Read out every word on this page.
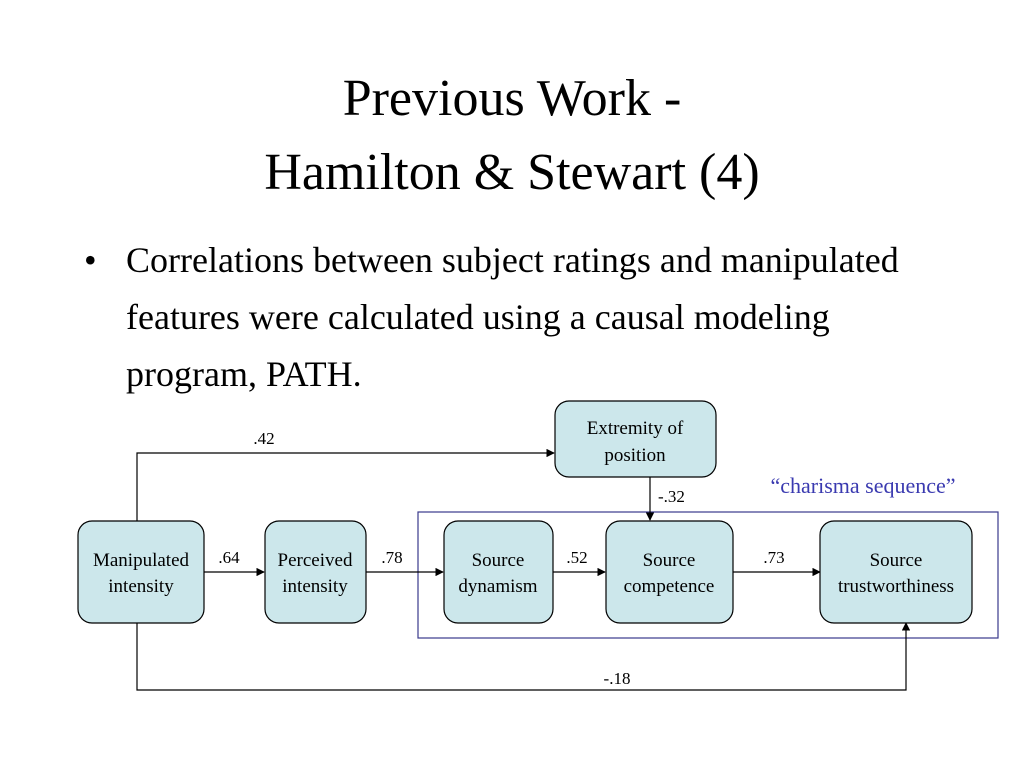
Previous Work -
Hamilton & Stewart (4)
• Correlations between subject ratings and manipulated features were calculated using a causal modeling program, PATH.
“charisma sequence”
.42
.64	.78	.52	.73
-.32
-.18
Manipulated
intensity
Perceived
intensity
Source
dynamism
Source
competence
Source
trustworthiness
Extremity of
position
